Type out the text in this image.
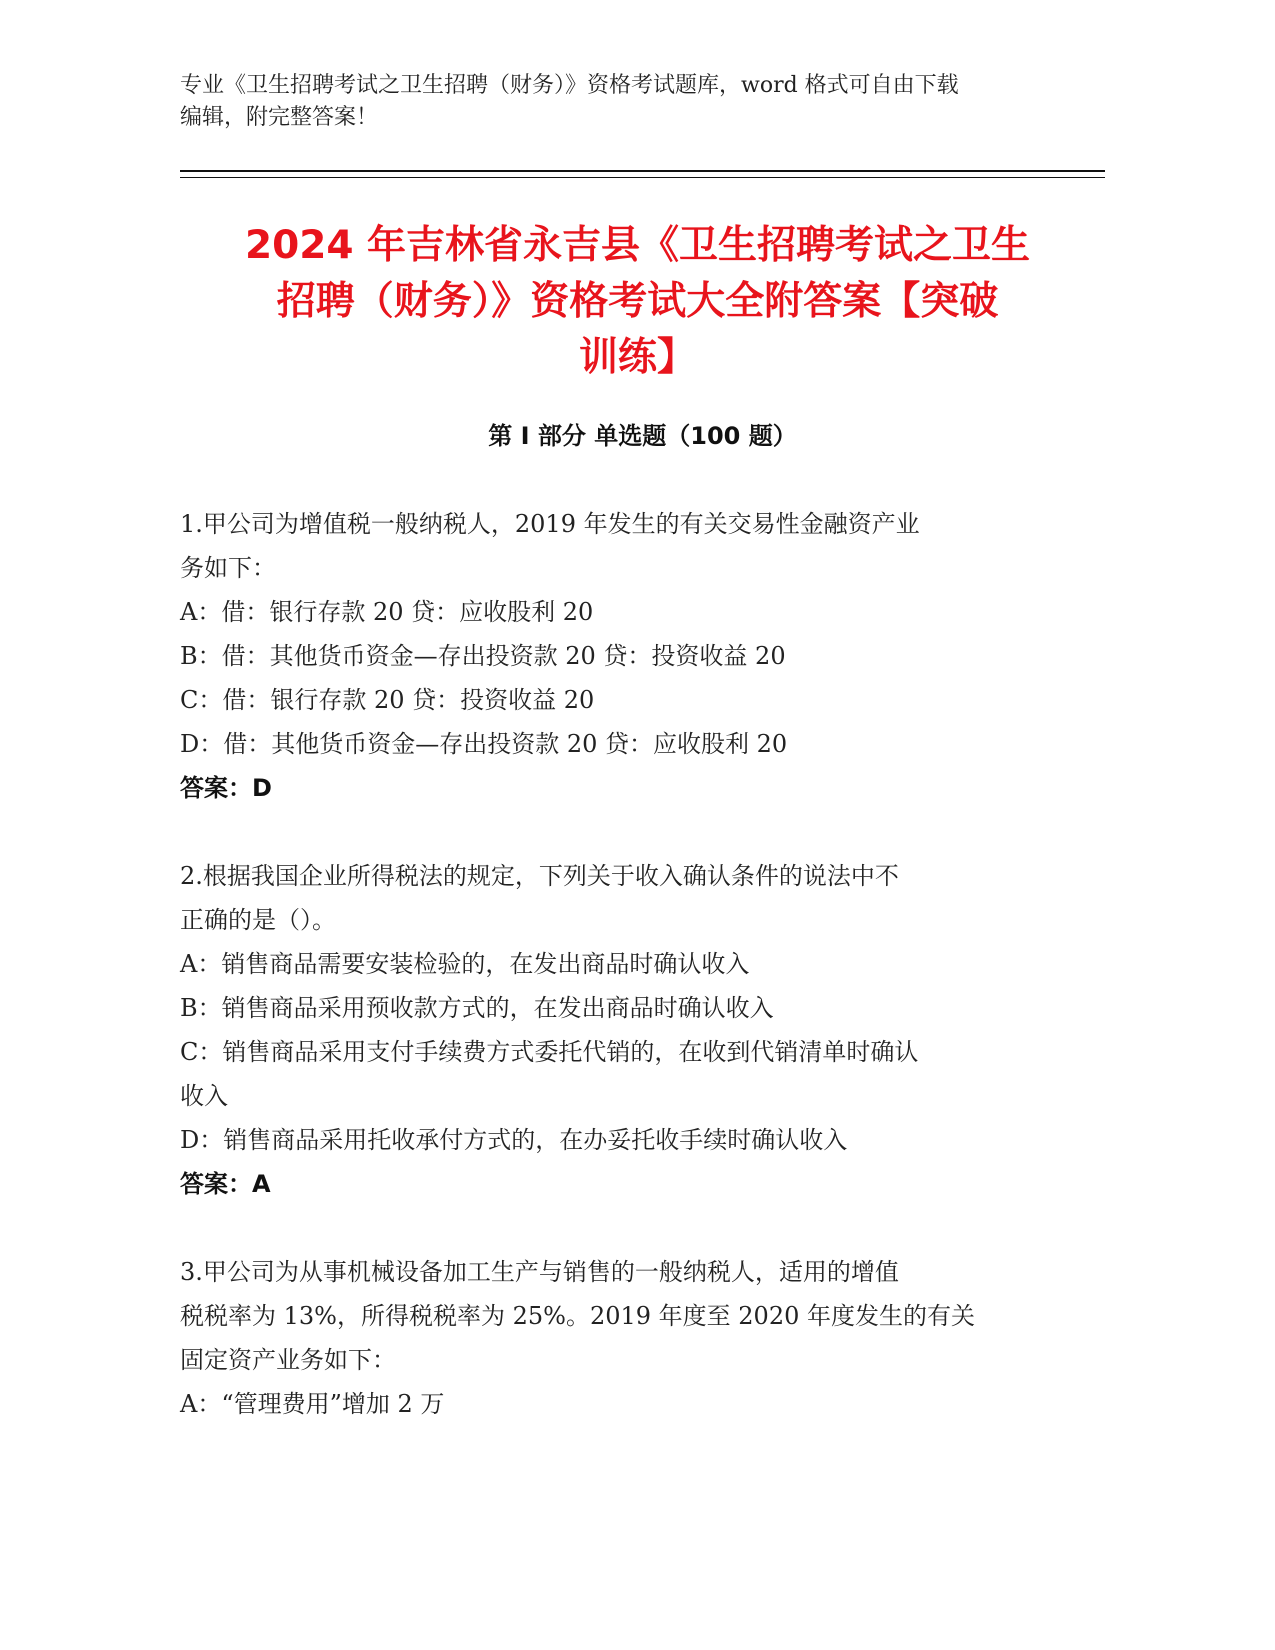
专业《卫生招聘考试之卫生招聘（财务）》资格考试题库，word 格式可自由下载
编辑，附完整答案！
2024 年吉林省永吉县《卫生招聘考试之卫生
招聘（财务）》资格考试大全附答案【突破
训练】
第 I 部分 单选题（100 题）
1.甲公司为增值税一般纳税人，2019 年发生的有关交易性金融资产业
务如下：
A：借：银行存款 20 贷：应收股利 20
B：借：其他货币资金—存出投资款 20 贷：投资收益 20
C：借：银行存款 20 贷：投资收益 20
D：借：其他货币资金—存出投资款 20 贷：应收股利 20
答案：D
2.根据我国企业所得税法的规定，下列关于收入确认条件的说法中不
正确的是（）。
A：销售商品需要安装检验的，在发出商品时确认收入
B：销售商品采用预收款方式的，在发出商品时确认收入
C：销售商品采用支付手续费方式委托代销的，在收到代销清单时确认
收入
D：销售商品采用托收承付方式的，在办妥托收手续时确认收入
答案：A
3.甲公司为从事机械设备加工生产与销售的一般纳税人，适用的增值
税税率为 13%，所得税税率为 25%。2019 年度至 2020 年度发生的有关
固定资产业务如下：
A：“管理费用”增加 2 万
